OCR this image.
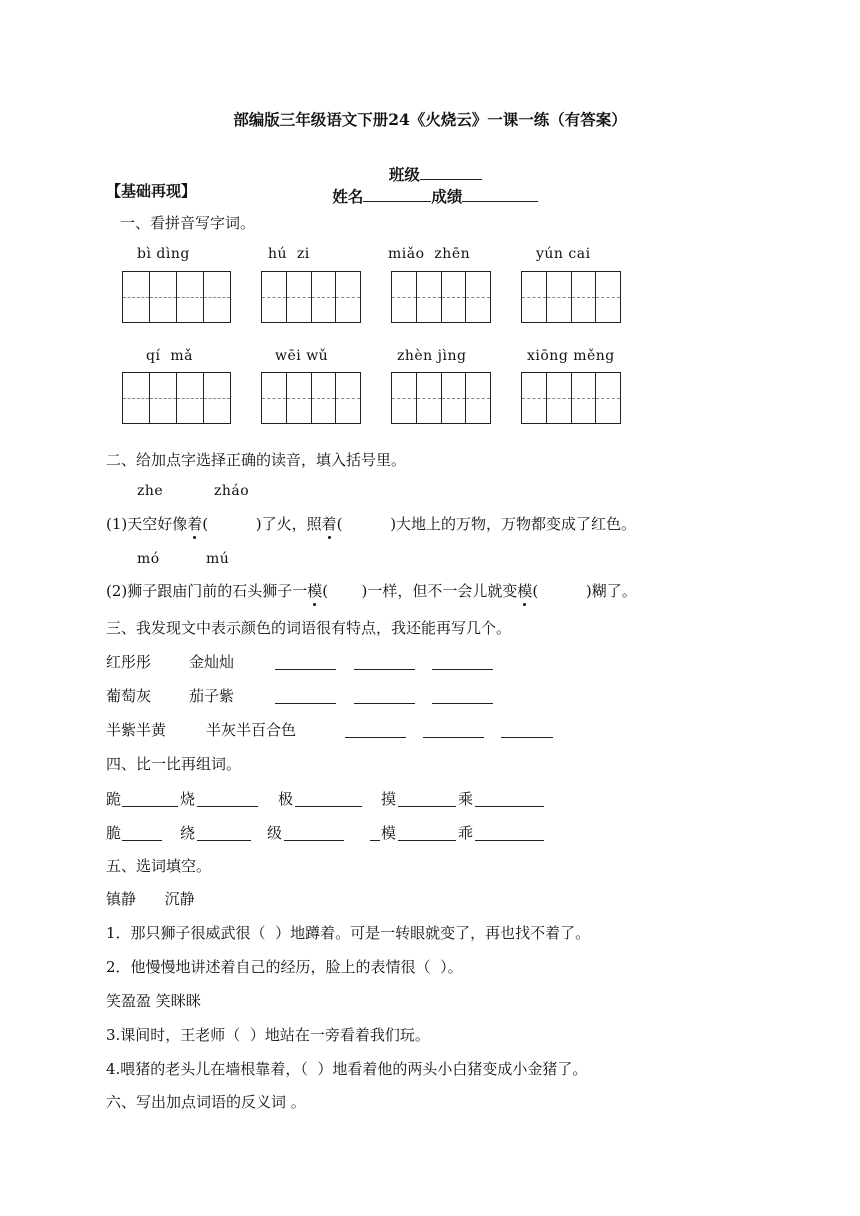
部编版三年级语文下册24《火烧云》一课一练（有答案）

班级
姓名	成绩

【基础再现】
一、看拼音写字词。
bì dìng	hú  zi	miǎo  zhēn	yún cai
qí  mǎ	wēi wǔ	zhèn jìng	xiōng měng
二、给加点字选择正确的读音，填入括号里。
zhe	zháo
(1)天空好像着(          )了火，照着(          )大地上的万物，万物都变成了红色。
mó	mú
(2)狮子跟庙门前的石头狮子一模(       )一样，但不一会儿就变模(          )糊了。
三、我发现文中表示颜色的词语很有特点，我还能再写几个。
红彤彤	金灿灿
葡萄灰	茄子紫
半紫半黄	半灰半百合色
四、比一比再组词。
跪	烧	极	摸	乘
脆	绕	级	模	乖
五、选词填空。
镇静      沉静
1．那只狮子很威武很（  ）地蹲着。可是一转眼就变了，再也找不着了。
2．他慢慢地讲述着自己的经历，脸上的表情很（  ）。
笑盈盈 笑眯眯
3.课间时，王老师（  ）地站在一旁看着我们玩。
4.喂猪的老头儿在墙根靠着，（  ）地看着他的两头小白猪变成小金猪了。
六、写出加点词语的反义词 。
